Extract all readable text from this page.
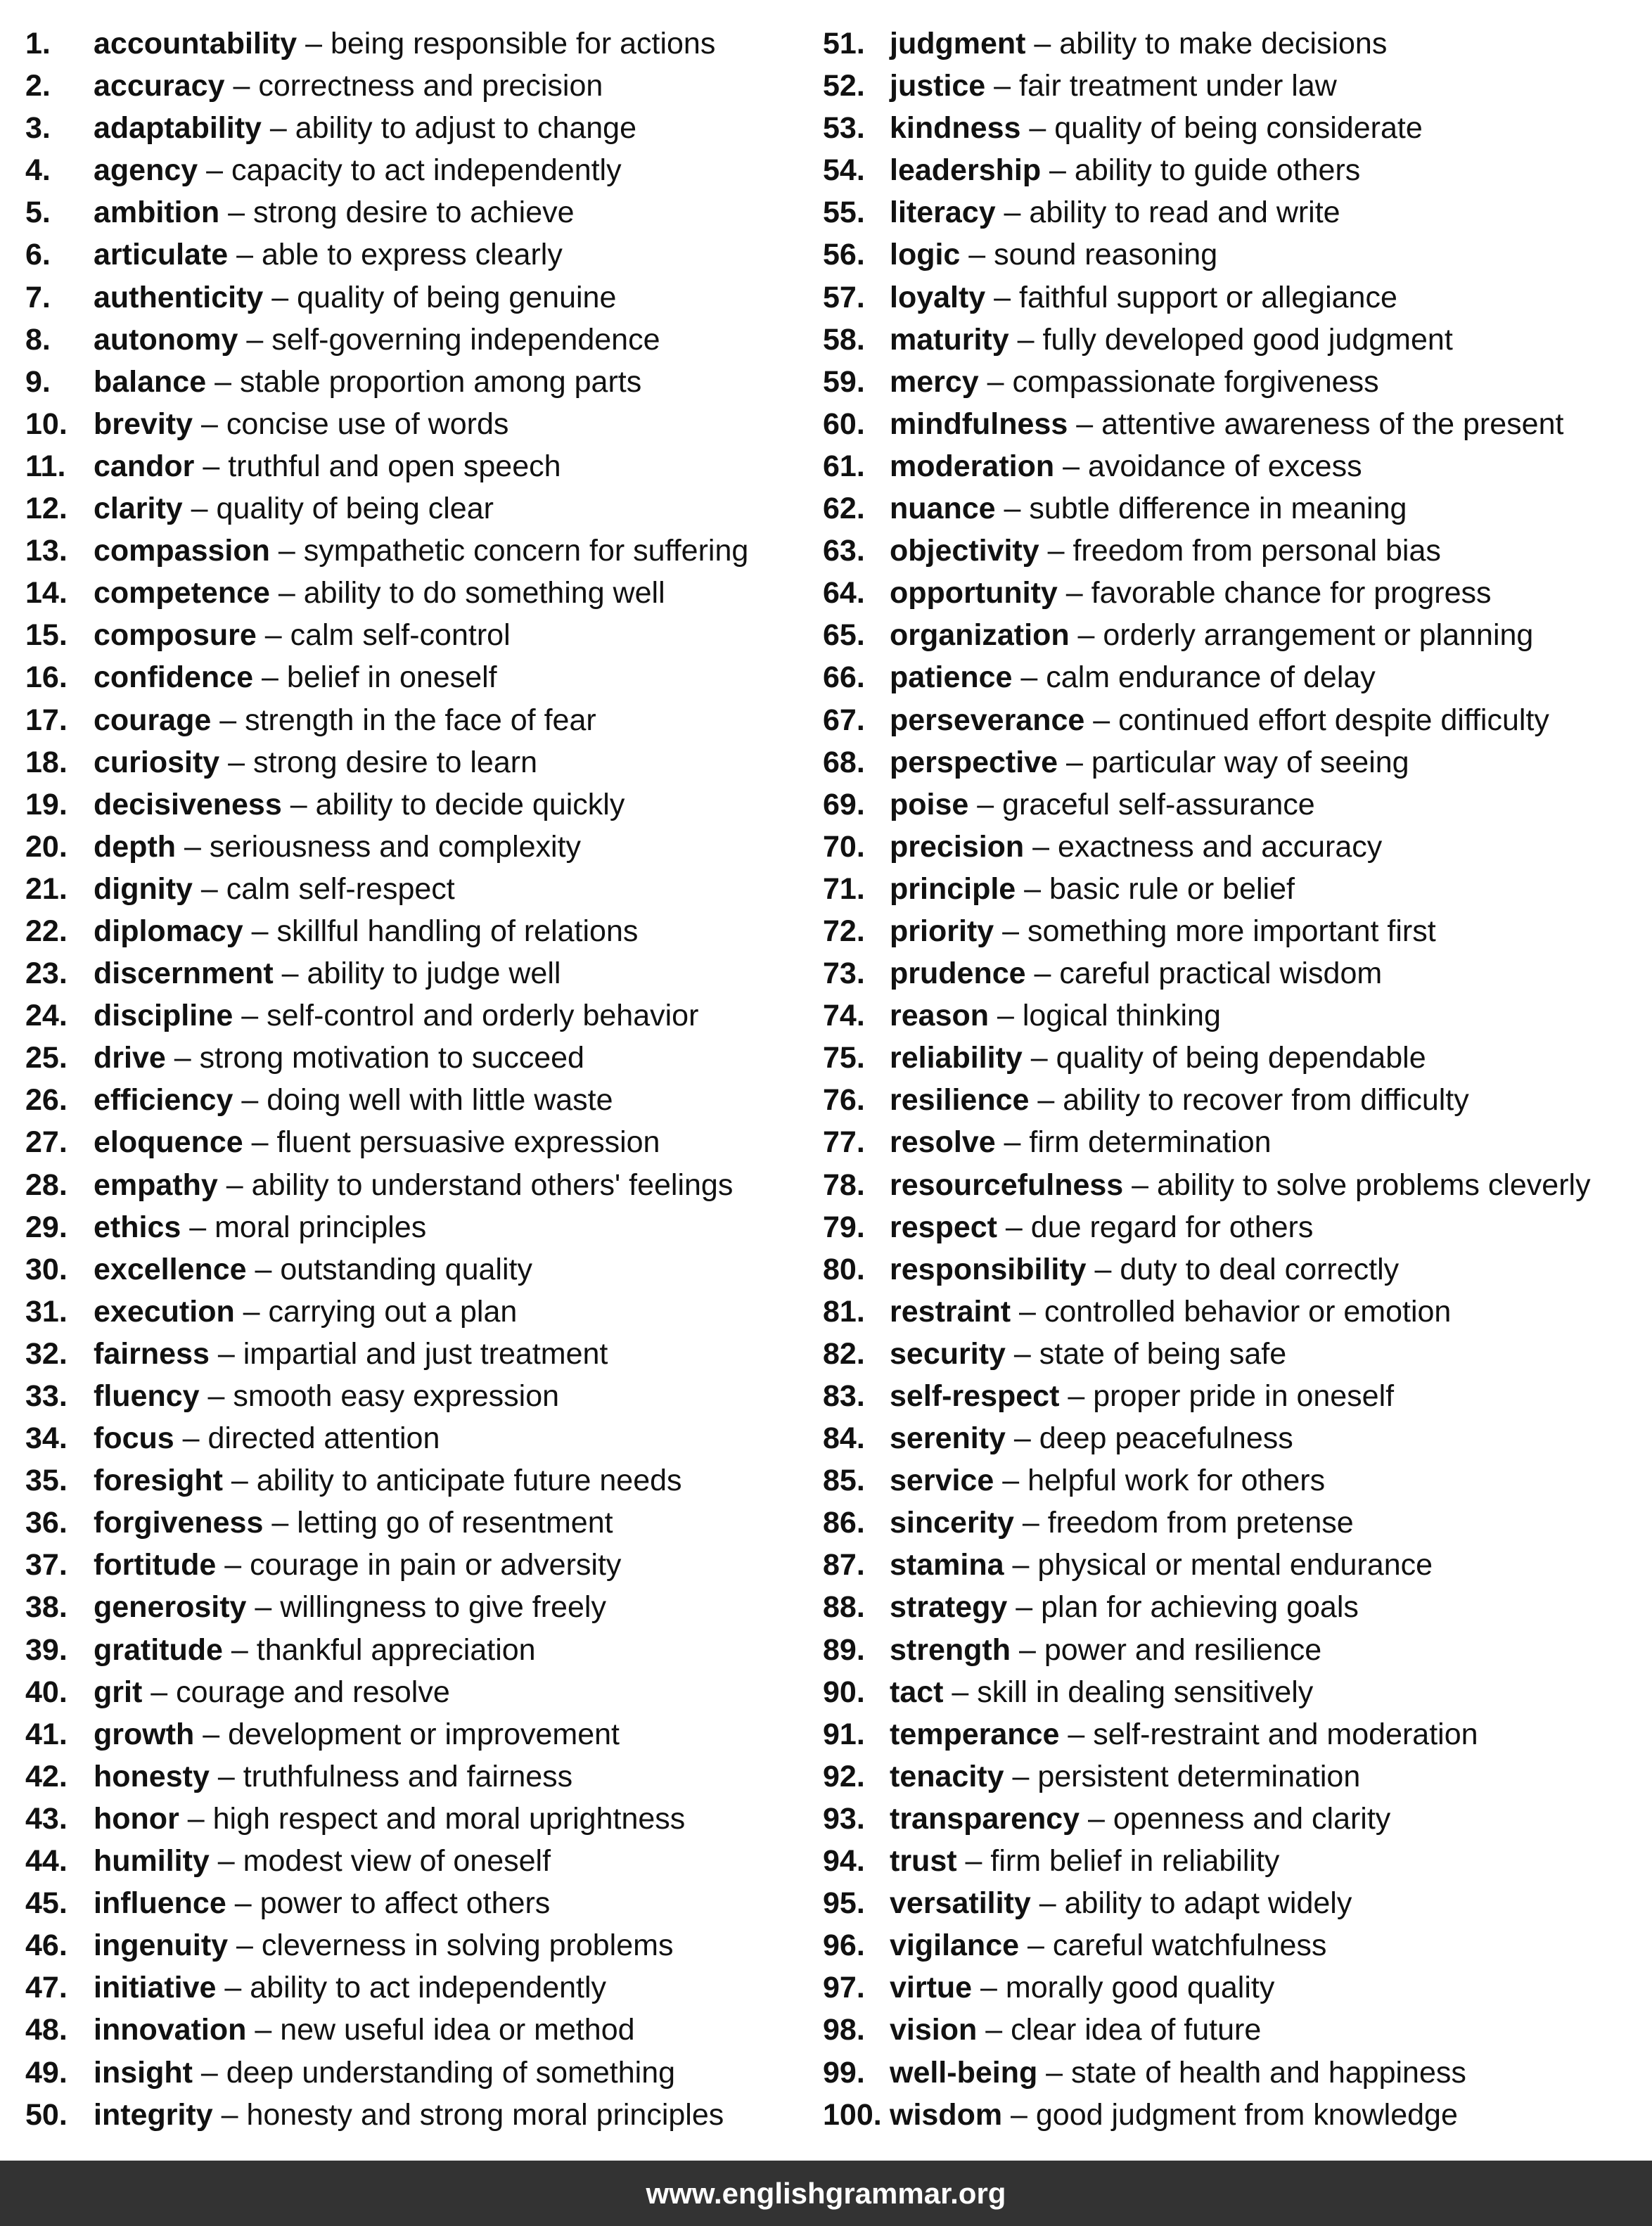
1. accountability – being responsible for actions
2. accuracy – correctness and precision
3. adaptability – ability to adjust to change
4. agency – capacity to act independently
5. ambition – strong desire to achieve
6. articulate – able to express clearly
7. authenticity – quality of being genuine
8. autonomy – self-governing independence
9. balance – stable proportion among parts
10. brevity – concise use of words
11. candor – truthful and open speech
12. clarity – quality of being clear
13. compassion – sympathetic concern for suffering
14. competence – ability to do something well
15. composure – calm self-control
16. confidence – belief in oneself
17. courage – strength in the face of fear
18. curiosity – strong desire to learn
19. decisiveness – ability to decide quickly
20. depth – seriousness and complexity
21. dignity – calm self-respect
22. diplomacy – skillful handling of relations
23. discernment – ability to judge well
24. discipline – self-control and orderly behavior
25. drive – strong motivation to succeed
26. efficiency – doing well with little waste
27. eloquence – fluent persuasive expression
28. empathy – ability to understand others' feelings
29. ethics – moral principles
30. excellence – outstanding quality
31. execution – carrying out a plan
32. fairness – impartial and just treatment
33. fluency – smooth easy expression
34. focus – directed attention
35. foresight – ability to anticipate future needs
36. forgiveness – letting go of resentment
37. fortitude – courage in pain or adversity
38. generosity – willingness to give freely
39. gratitude – thankful appreciation
40. grit – courage and resolve
41. growth – development or improvement
42. honesty – truthfulness and fairness
43. honor – high respect and moral uprightness
44. humility – modest view of oneself
45. influence – power to affect others
46. ingenuity – cleverness in solving problems
47. initiative – ability to act independently
48. innovation – new useful idea or method
49. insight – deep understanding of something
50. integrity – honesty and strong moral principles
51. judgment – ability to make decisions
52. justice – fair treatment under law
53. kindness – quality of being considerate
54. leadership – ability to guide others
55. literacy – ability to read and write
56. logic – sound reasoning
57. loyalty – faithful support or allegiance
58. maturity – fully developed good judgment
59. mercy – compassionate forgiveness
60. mindfulness – attentive awareness of the present
61. moderation – avoidance of excess
62. nuance – subtle difference in meaning
63. objectivity – freedom from personal bias
64. opportunity – favorable chance for progress
65. organization – orderly arrangement or planning
66. patience – calm endurance of delay
67. perseverance – continued effort despite difficulty
68. perspective – particular way of seeing
69. poise – graceful self-assurance
70. precision – exactness and accuracy
71. principle – basic rule or belief
72. priority – something more important first
73. prudence – careful practical wisdom
74. reason – logical thinking
75. reliability – quality of being dependable
76. resilience – ability to recover from difficulty
77. resolve – firm determination
78. resourcefulness – ability to solve problems cleverly
79. respect – due regard for others
80. responsibility – duty to deal correctly
81. restraint – controlled behavior or emotion
82. security – state of being safe
83. self-respect – proper pride in oneself
84. serenity – deep peacefulness
85. service – helpful work for others
86. sincerity – freedom from pretense
87. stamina – physical or mental endurance
88. strategy – plan for achieving goals
89. strength – power and resilience
90. tact – skill in dealing sensitively
91. temperance – self-restraint and moderation
92. tenacity – persistent determination
93. transparency – openness and clarity
94. trust – firm belief in reliability
95. versatility – ability to adapt widely
96. vigilance – careful watchfulness
97. virtue – morally good quality
98. vision – clear idea of future
99. well-being – state of health and happiness
100. wisdom – good judgment from knowledge
www.englishgrammar.org
